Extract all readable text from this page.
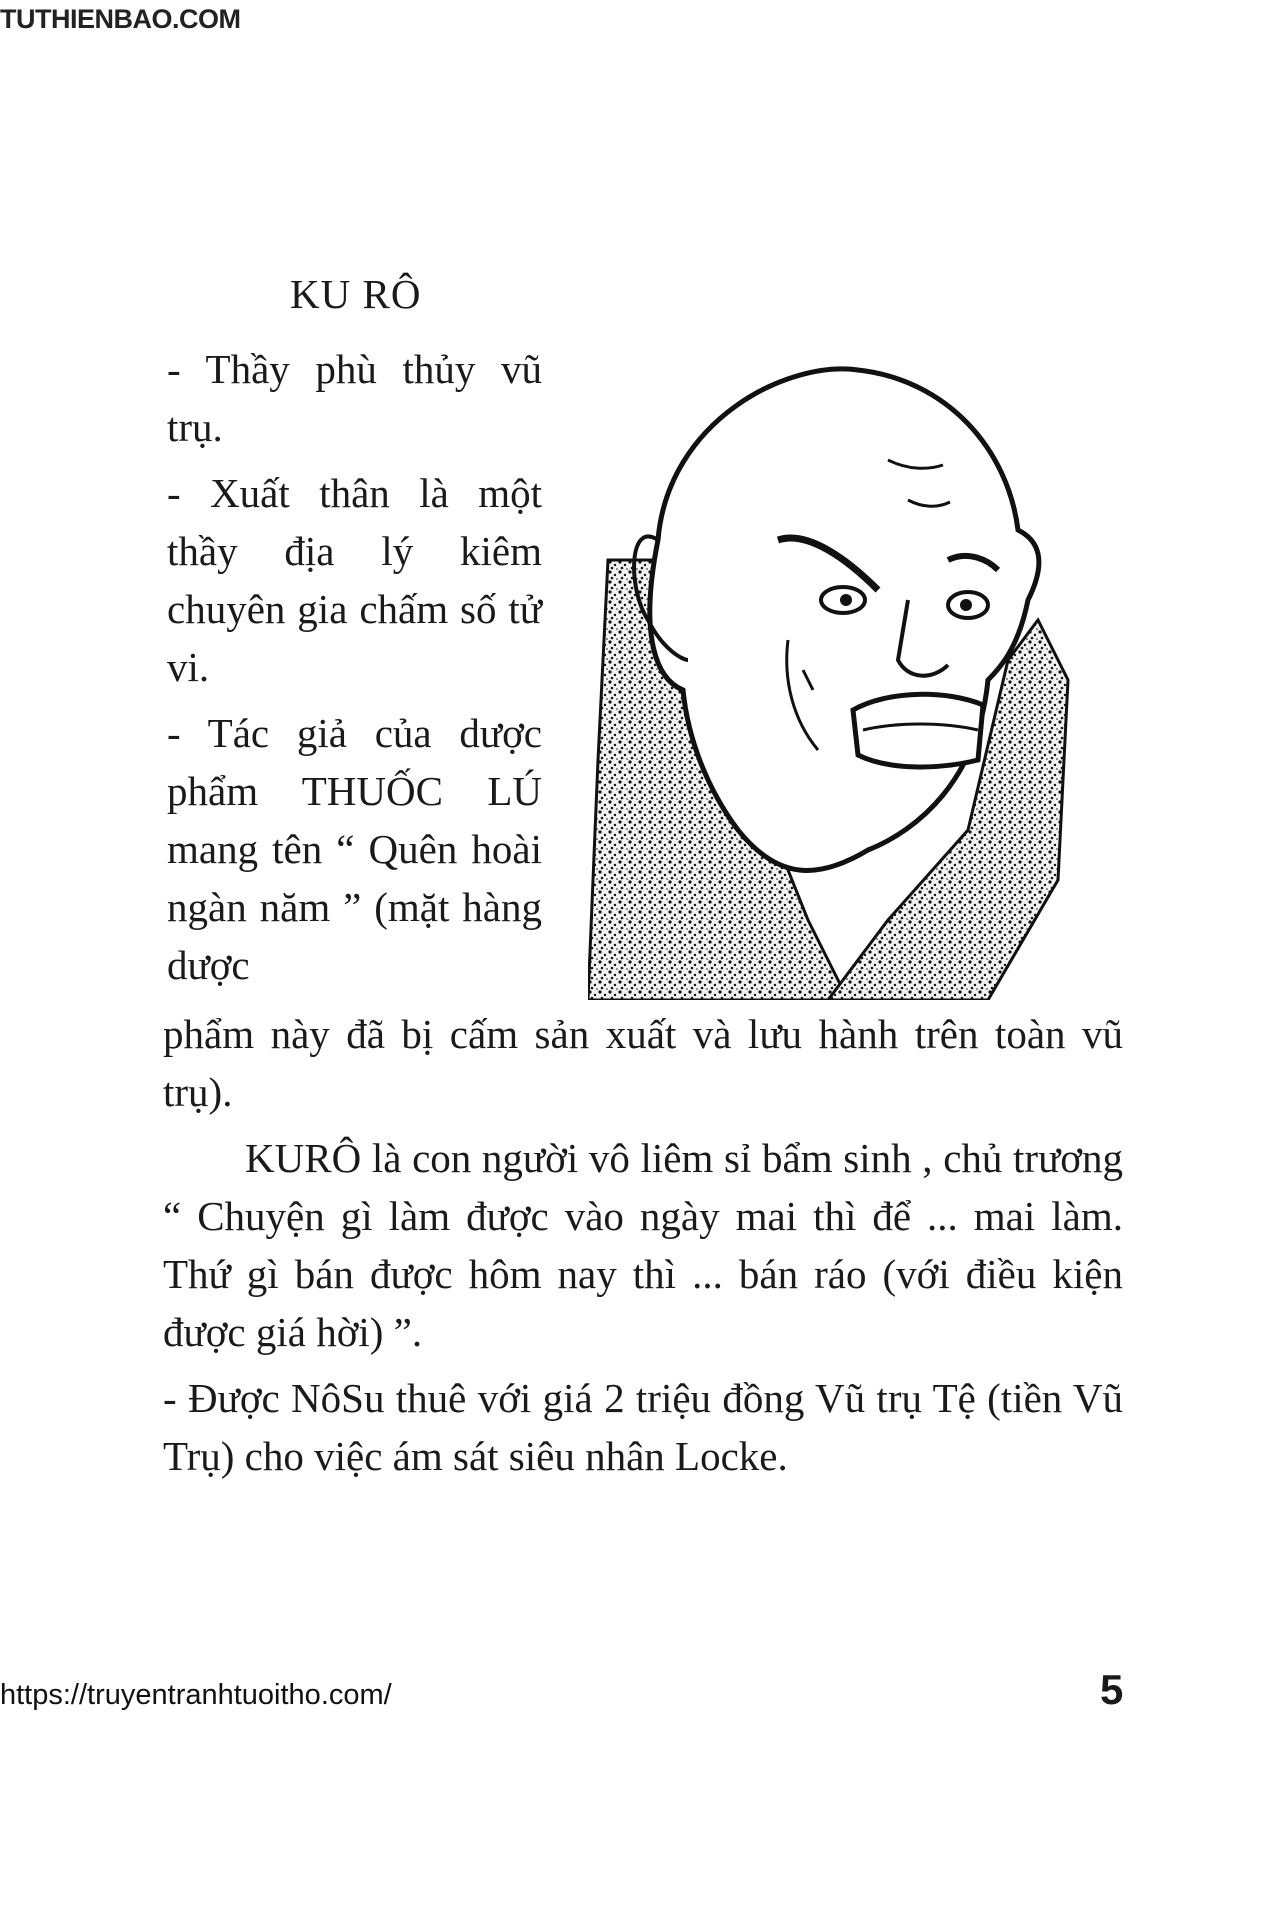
TUTHIENBAO.COM
KU RÔ

- Thầy phù thủy vũ trụ.

- Xuất thân là một thầy địa lý kiêm chuyên gia chấm số tử vi.

- Tác giả của dược phẩm THUỐC LÚ mang tên “ Quên hoài ngàn năm ” (mặt hàng dược

phẩm này đã bị cấm sản xuất và lưu hành trên toàn vũ trụ).

KURÔ là con người vô liêm sỉ bẩm sinh , chủ trương “ Chuyện gì làm được vào ngày mai thì để ... mai làm. Thứ gì bán được hôm nay thì ... bán ráo (với điều kiện được giá hời) ”.

- Được NôSu thuê với giá 2 triệu đồng Vũ trụ Tệ (tiền Vũ Trụ) cho việc ám sát siêu nhân Locke.

https://truyentranhtuoitho.com/	5
